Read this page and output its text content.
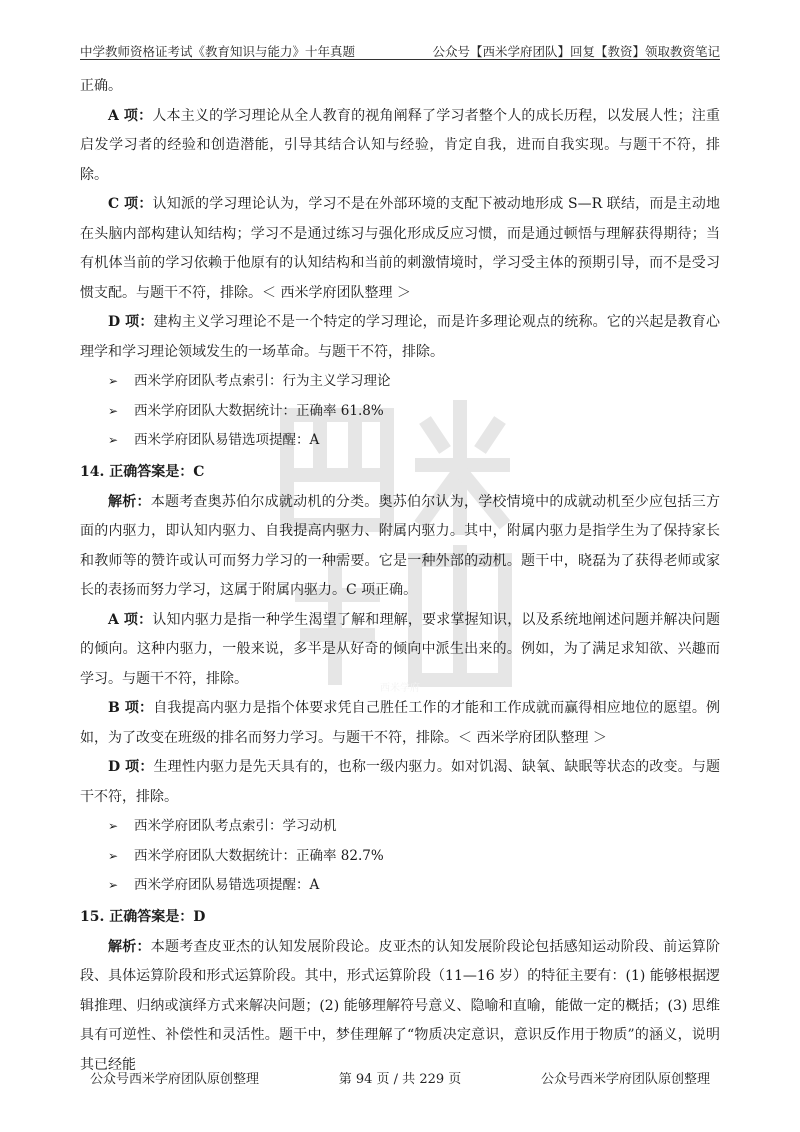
中学教师资格证考试《教育知识与能力》十年真题	公众号【西米学府团队】回复【教资】领取教资笔记
西米学府
正确。
A 项：人本主义的学习理论从全人教育的视角阐释了学习者整个人的成长历程，以发展人性；注重启发学习者的经验和创造潜能，引导其结合认知与经验，肯定自我，进而自我实现。与题干不符，排除。
C 项：认知派的学习理论认为，学习不是在外部环境的支配下被动地形成 S—R 联结，而是主动地在头脑内部构建认知结构；学习不是通过练习与强化形成反应习惯，而是通过顿悟与理解获得期待；当有机体当前的学习依赖于他原有的认知结构和当前的刺激情境时，学习受主体的预期引导，而不是受习惯支配。与题干不符，排除。＜ 西米学府团队整理 ＞
D 项：建构主义学习理论不是一个特定的学习理论，而是许多理论观点的统称。它的兴起是教育心理学和学习理论领域发生的一场革命。与题干不符，排除。
➢ 西米学府团队考点索引：行为主义学习理论
➢ 西米学府团队大数据统计：正确率 61.8%
➢ 西米学府团队易错选项提醒：A
14. 正确答案是：C
解析：本题考查奥苏伯尔成就动机的分类。奥苏伯尔认为，学校情境中的成就动机至少应包括三方面的内驱力，即认知内驱力、自我提高内驱力、附属内驱力。其中，附属内驱力是指学生为了保持家长和教师等的赞许或认可而努力学习的一种需要。它是一种外部的动机。题干中，晓磊为了获得老师或家长的表扬而努力学习，这属于附属内驱力。C 项正确。
A 项：认知内驱力是指一种学生渴望了解和理解，要求掌握知识，以及系统地阐述问题并解决问题的倾向。这种内驱力，一般来说，多半是从好奇的倾向中派生出来的。例如，为了满足求知欲、兴趣而学习。与题干不符，排除。
B 项：自我提高内驱力是指个体要求凭自己胜任工作的才能和工作成就而赢得相应地位的愿望。例如，为了改变在班级的排名而努力学习。与题干不符，排除。＜ 西米学府团队整理 ＞
D 项：生理性内驱力是先天具有的，也称一级内驱力。如对饥渴、缺氧、缺眠等状态的改变。与题干不符，排除。
➢ 西米学府团队考点索引：学习动机
➢ 西米学府团队大数据统计：正确率 82.7%
➢ 西米学府团队易错选项提醒：A
15. 正确答案是：D
解析：本题考查皮亚杰的认知发展阶段论。皮亚杰的认知发展阶段论包括感知运动阶段、前运算阶段、具体运算阶段和形式运算阶段。其中，形式运算阶段（11—16 岁）的特征主要有：(1) 能够根据逻辑推理、归纳或演绎方式来解决问题；(2) 能够理解符号意义、隐喻和直喻，能做一定的概括；(3) 思维具有可逆性、补偿性和灵活性。题干中，梦佳理解了“物质决定意识，意识反作用于物质”的涵义，说明其已经能
公众号西米学府团队原创整理	第 94 页 / 共 229 页	公众号西米学府团队原创整理
